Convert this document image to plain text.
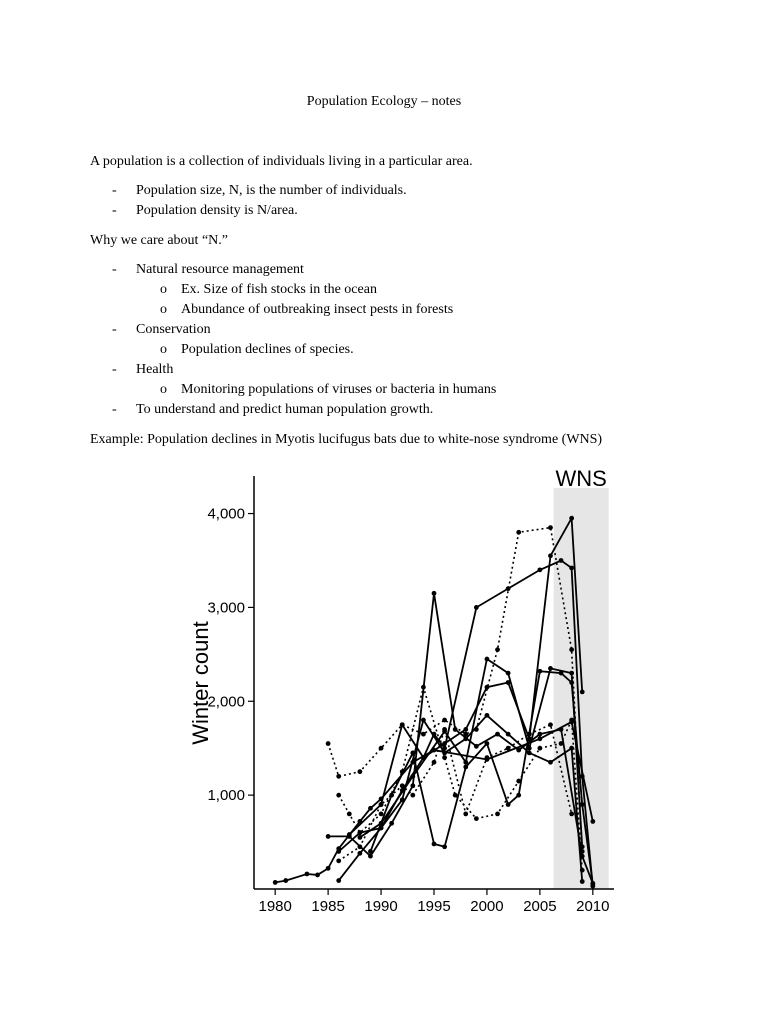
Population Ecology – notes
A population is a collection of individuals living in a particular area.
- Population size, N, is the number of individuals.
- Population density is N/area.
Why we care about “N.”
- Natural resource management
o Ex. Size of fish stocks in the ocean
o Abundance of outbreaking insect pests in forests
- Conservation
o Population declines of species.
- Health
o Monitoring populations of viruses or bacteria in humans
- To understand and predict human population growth.
Example: Population declines in Myotis lucifugus bats due to white-nose syndrome (WNS)
WNS
1,000
2,000
3,000
4,000
1980 1985 1990 1995 2000 2005 2010
Winter count
